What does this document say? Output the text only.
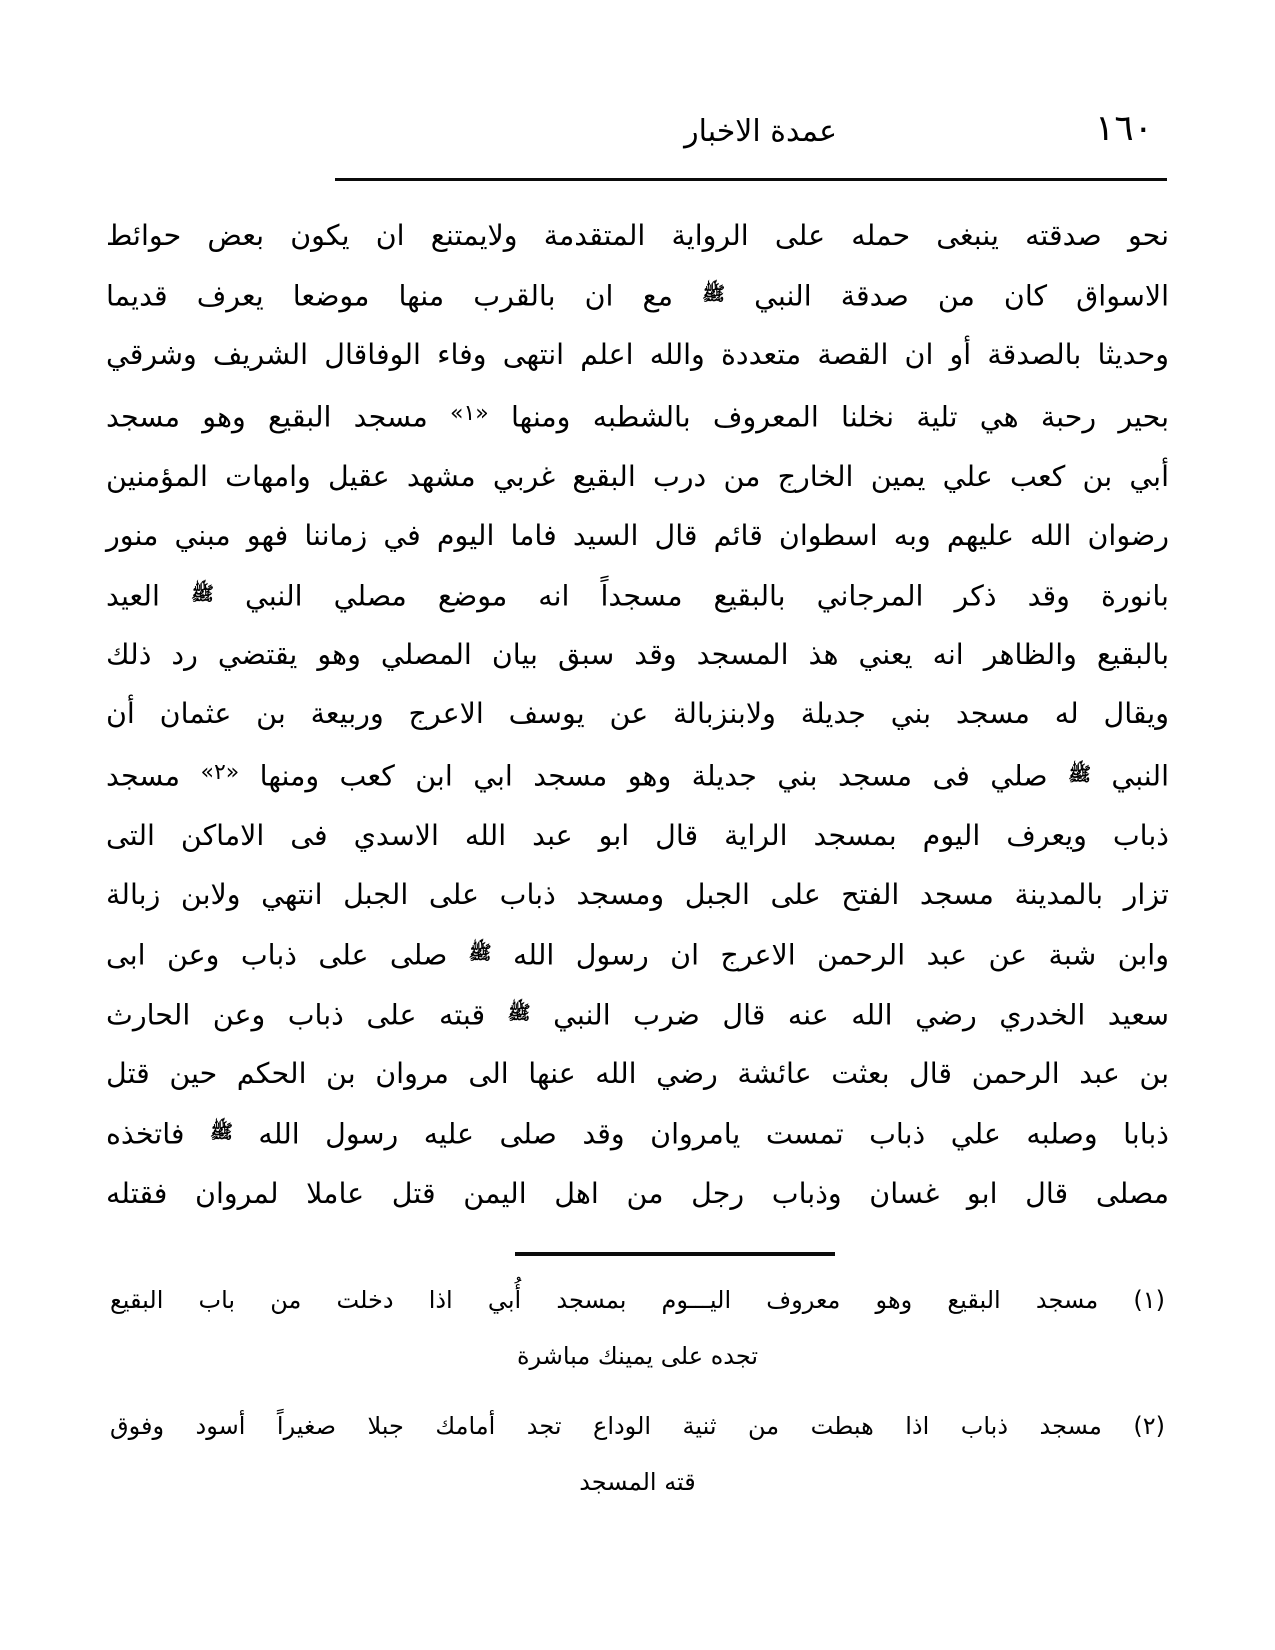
عمدة الاخبار	١٦٠
نحو صدقته ينبغى حمله على الرواية المتقدمة ولايمتنع ان يكون بعض حوائط
الاسواق كان من صدقة النبي ﷺ مع ان بالقرب منها موضعا يعرف قديما
وحديثا بالصدقة أو ان القصة متعددة والله اعلم انتهى وفاء الوفاقال الشريف وشرقي
بحير رحبة هي تلية نخلنا المعروف بالشطبه ومنها $^{«١»}$ مسجد البقيع وهو مسجد
أبي بن كعب علي يمين الخارج من درب البقيع غربي مشهد عقيل وامهات المؤمنين
رضوان الله عليهم وبه اسطوان قائم قال السيد فاما اليوم في زماننا فهو مبني منور
بانورة وقد ذكر المرجاني بالبقيع مسجداً انه موضع مصلي النبي ﷺ العيد
بالبقيع والظاهر انه يعني هذ المسجد وقد سبق بيان المصلي وهو يقتضي رد ذلك
ويقال له مسجد بني جديلة ولابنزبالة عن يوسف الاعرج وربيعة بن عثمان أن
النبي ﷺ صلي فى مسجد بني جديلة وهو مسجد ابي ابن كعب ومنها $^{«٢»}$ مسجد
ذباب ويعرف اليوم بمسجد الراية قال ابو عبد الله الاسدي فى الاماكن التى
تزار بالمدينة مسجد الفتح على الجبل ومسجد ذباب على الجبل انتهي ولابن زبالة
وابن شبة عن عبد الرحمن الاعرج ان رسول الله ﷺ صلى على ذباب وعن ابى
سعيد الخدري رضي الله عنه قال ضرب النبي ﷺ قبته على ذباب وعن الحارث
بن عبد الرحمن قال بعثت عائشة رضي الله عنها الى مروان بن الحكم حين قتل
ذبابا وصلبه علي ذباب تمست يامروان وقد صلى عليه رسول الله ﷺ فاتخذه
مصلى قال ابو غسان وذباب رجل من اهل اليمن قتل عاملا لمروان فقتله
(١) مسجد البقيع وهو معروف اليـــوم بمسجد أُبي اذا دخلت من باب البقيع
تجده على يمينك مباشرة
(٢) مسجد ذباب اذا هبطت من ثنية الوداع تجد أمامك جبلا صغيراً أسود وفوق
قته المسجد
